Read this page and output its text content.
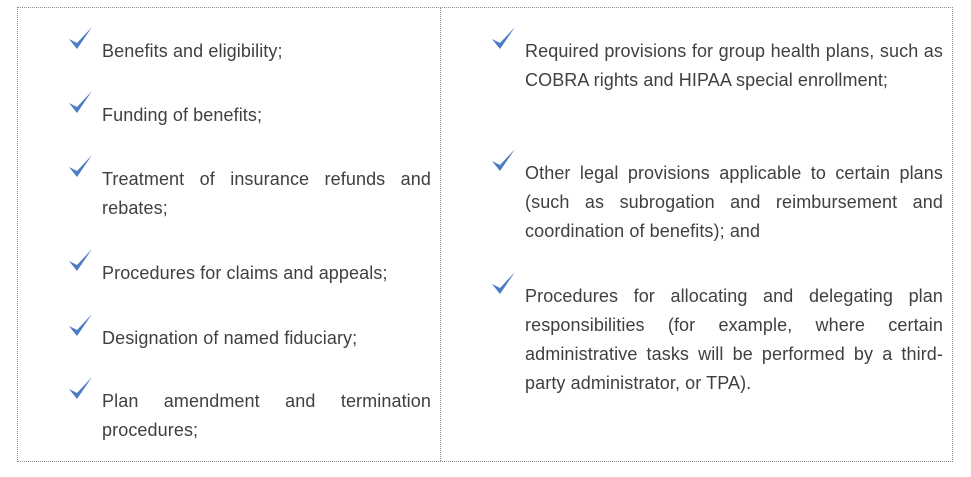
Benefits and eligibility;
Funding of benefits;
Treatment of insurance refunds and rebates;
Procedures for claims and appeals;
Designation of named fiduciary;
Plan amendment and termination procedures;
Required provisions for group health plans, such as COBRA rights and HIPAA special enrollment;
Other legal provisions applicable to certain plans (such as subrogation and reimbursement and coordination of benefits); and
Procedures for allocating and delegating plan responsibilities (for example, where certain administrative tasks will be performed by a third-party administrator, or TPA).
